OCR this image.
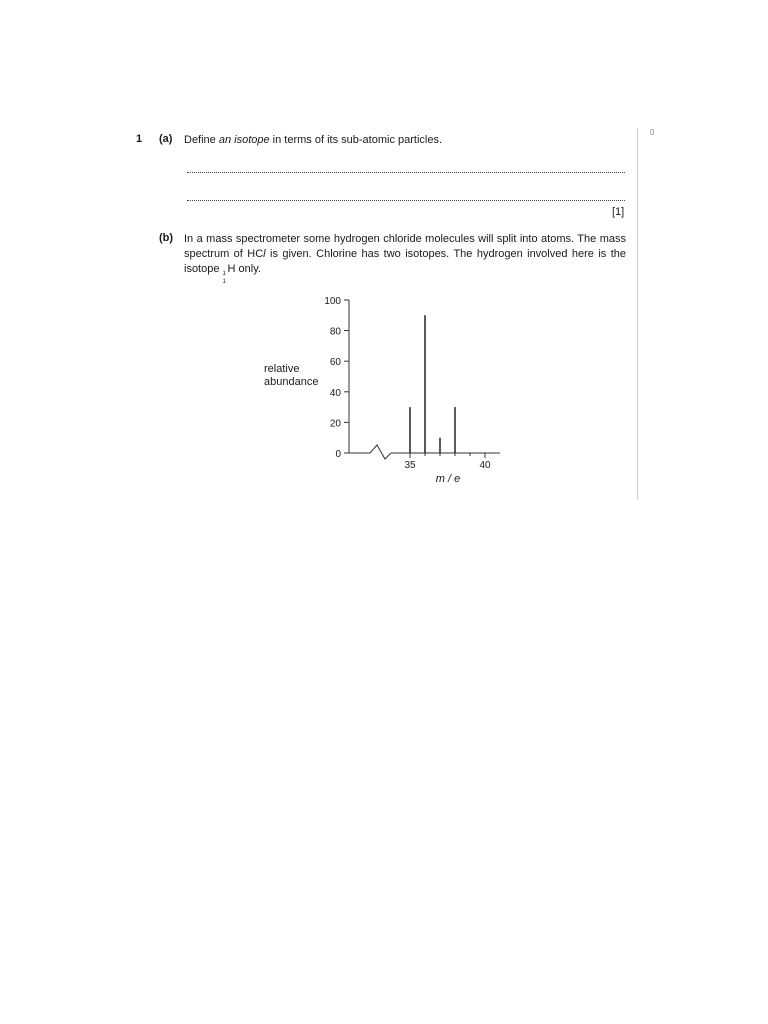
0
1 (a) Define an isotope in terms of its sub-atomic particles.
[1]
(b) In a mass spectrometer some hydrogen chloride molecules will split into atoms. The mass spectrum of HCl is given. Chlorine has two isotopes. The hydrogen involved here is the isotope 1
1
H only.
relative
abundance
0
20
40
60
80
100
35	40
m / e
